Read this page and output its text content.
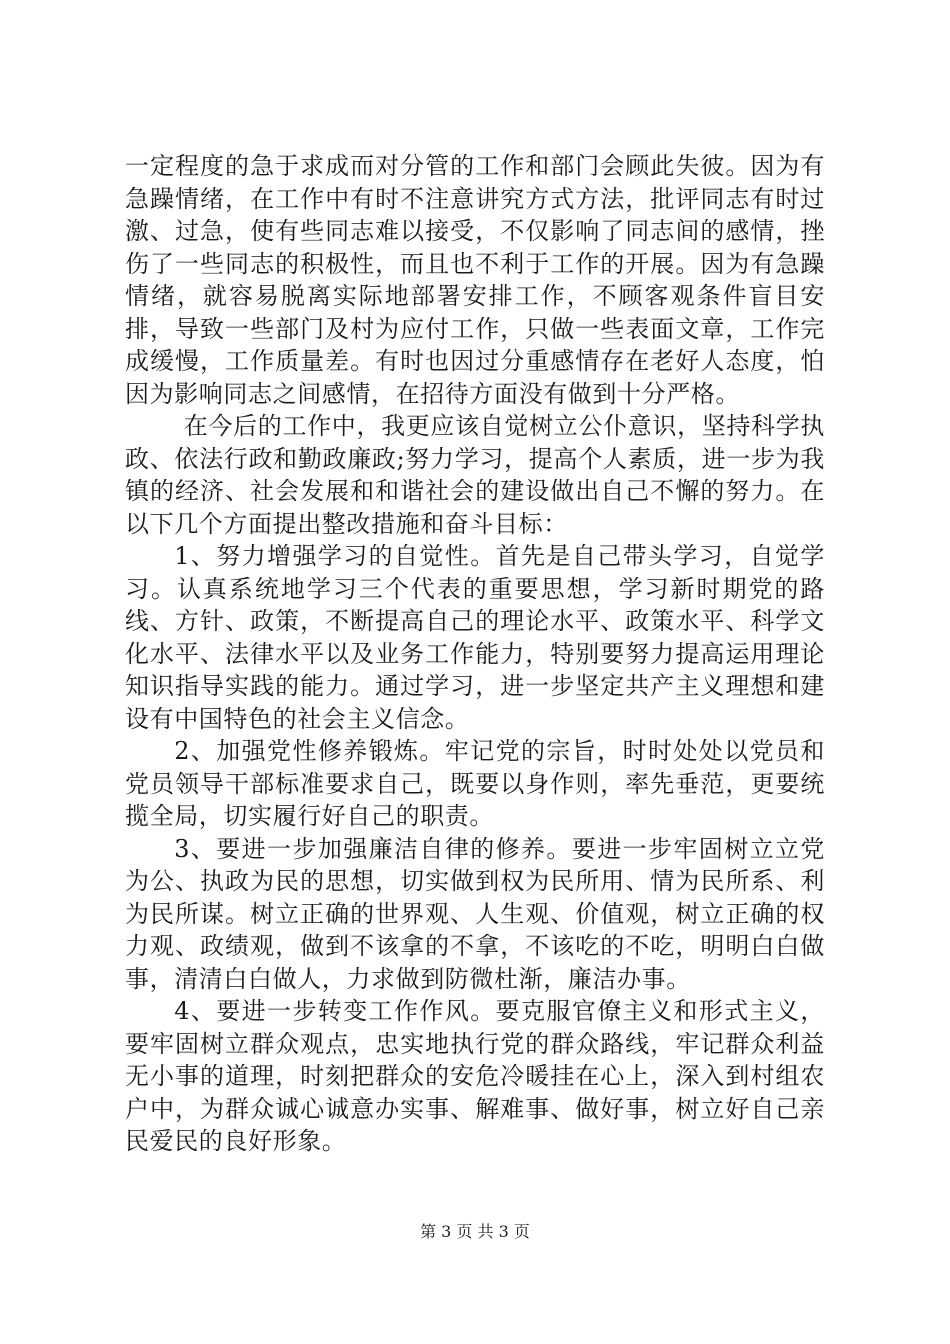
一定程度的急于求成而对分管的工作和部门会顾此失彼。因为有急躁情绪，在工作中有时不注意讲究方式方法，批评同志有时过激、过急，使有些同志难以接受，不仅影响了同志间的感情，挫伤了一些同志的积极性，而且也不利于工作的开展。因为有急躁情绪，就容易脱离实际地部署安排工作，不顾客观条件盲目安排，导致一些部门及村为应付工作，只做一些表面文章，工作完成缓慢，工作质量差。有时也因过分重感情存在老好人态度，怕因为影响同志之间感情，在招待方面没有做到十分严格。

在今后的工作中，我更应该自觉树立公仆意识，坚持科学执政、依法行政和勤政廉政;努力学习，提高个人素质，进一步为我镇的经济、社会发展和和谐社会的建设做出自己不懈的努力。在以下几个方面提出整改措施和奋斗目标：

1、努力增强学习的自觉性。首先是自己带头学习，自觉学习。认真系统地学习三个代表的重要思想，学习新时期党的路线、方针、政策，不断提高自己的理论水平、政策水平、科学文化水平、法律水平以及业务工作能力，特别要努力提高运用理论知识指导实践的能力。通过学习，进一步坚定共产主义理想和建设有中国特色的社会主义信念。

2、加强党性修养锻炼。牢记党的宗旨，时时处处以党员和党员领导干部标准要求自己，既要以身作则，率先垂范，更要统揽全局，切实履行好自己的职责。

3、要进一步加强廉洁自律的修养。要进一步牢固树立立党为公、执政为民的思想，切实做到权为民所用、情为民所系、利为民所谋。树立正确的世界观、人生观、价值观，树立正确的权力观、政绩观，做到不该拿的不拿，不该吃的不吃，明明白白做事，清清白白做人，力求做到防微杜渐，廉洁办事。

4、要进一步转变工作作风。要克服官僚主义和形式主义，要牢固树立群众观点，忠实地执行党的群众路线，牢记群众利益无小事的道理，时刻把群众的安危冷暖挂在心上，深入到村组农户中，为群众诚心诚意办实事、解难事、做好事，树立好自己亲民爱民的良好形象。

第 3 页 共 3 页
